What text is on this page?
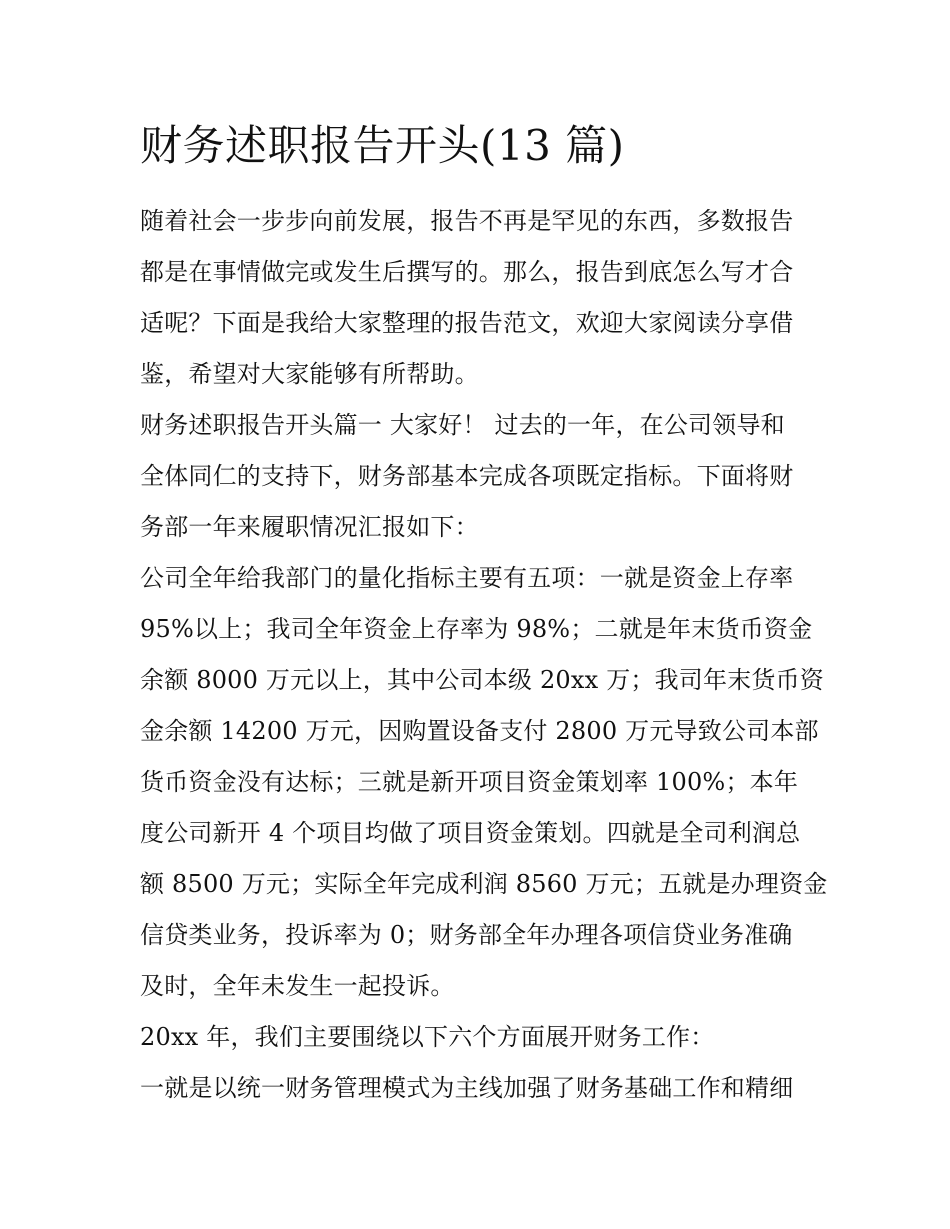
财务述职报告开头(13 篇)

随着社会一步步向前发展，报告不再是罕见的东西，多数报告

都是在事情做完或发生后撰写的。那么，报告到底怎么写才合

适呢？下面是我给大家整理的报告范文，欢迎大家阅读分享借

鉴，希望对大家能够有所帮助。

财务述职报告开头篇一 大家好！ 过去的一年，在公司领导和

全体同仁的支持下，财务部基本完成各项既定指标。下面将财

务部一年来履职情况汇报如下：

公司全年给我部门的量化指标主要有五项：一就是资金上存率

95%以上；我司全年资金上存率为 98%；二就是年末货币资金

余额 8000 万元以上，其中公司本级 20xx 万；我司年末货币资

金余额 14200 万元，因购置设备支付 2800 万元导致公司本部

货币资金没有达标；三就是新开项目资金策划率 100%；本年

度公司新开 4 个项目均做了项目资金策划。四就是全司利润总

额 8500 万元；实际全年完成利润 8560 万元；五就是办理资金

信贷类业务，投诉率为 0；财务部全年办理各项信贷业务准确

及时，全年未发生一起投诉。

20xx 年，我们主要围绕以下六个方面展开财务工作：

一就是以统一财务管理模式为主线加强了财务基础工作和精细
